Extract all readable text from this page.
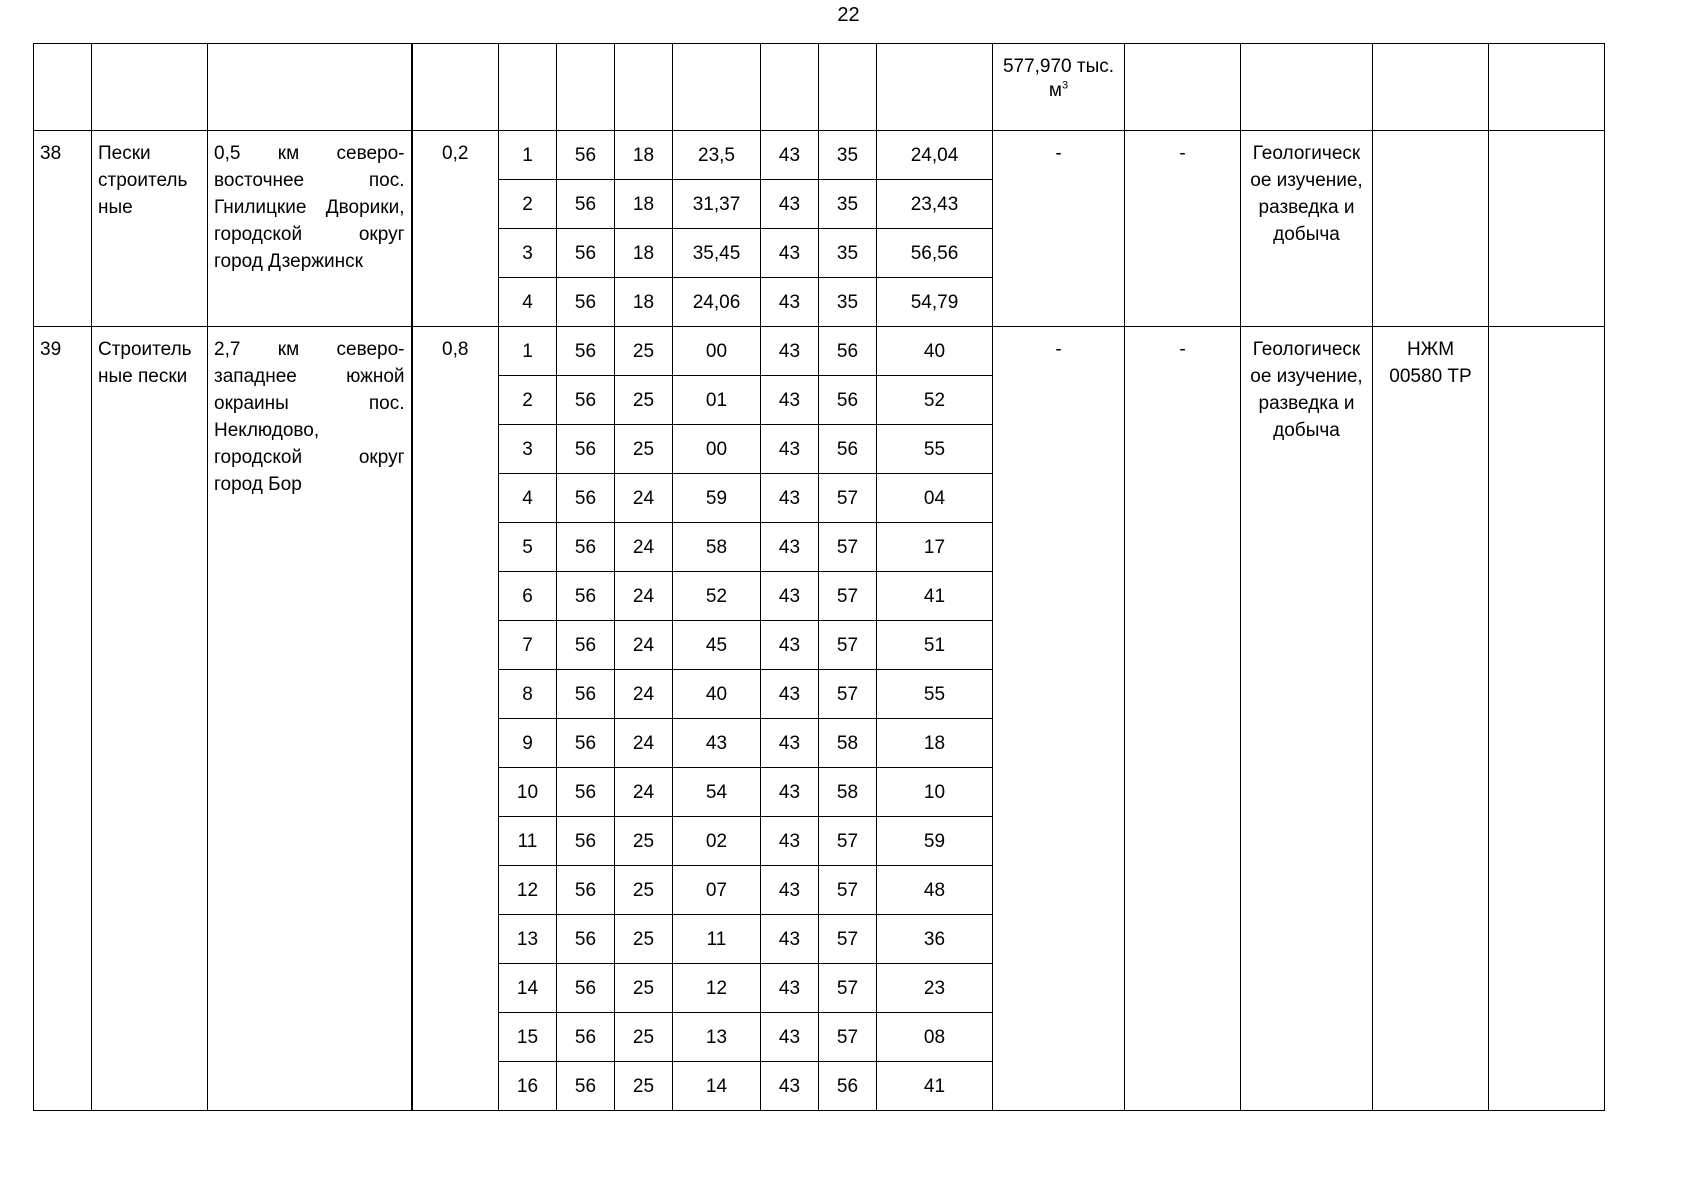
22

											577,970 тыс.
$м^3$				
38	Пески строитель ные	0,5 км северо-восточнее пос. Гнилицкие Дворики, городской округ город Дзержинск	0,2	1	56	18	23,5	43	35	24,04	-	-	Геологическ ое изучение, разведка и добыча		
				2	56	18	31,37	43	35	23,43					
				3	56	18	35,45	43	35	56,56					
				4	56	18	24,06	43	35	54,79					
39	Строитель ные пески	2,7 км северо-западнее южной окраины пос. Неклюдово, городской округ город Бор	0,8	1	56	25	00	43	56	40	-	-	Геологическ ое изучение, разведка и добыча	НЖМ 00580 ТР	
				2	56	25	01	43	56	52					
				3	56	25	00	43	56	55					
				4	56	24	59	43	57	04					
				5	56	24	58	43	57	17					
				6	56	24	52	43	57	41					
				7	56	24	45	43	57	51					
				8	56	24	40	43	57	55					
				9	56	24	43	43	58	18					
				10	56	24	54	43	58	10					
				11	56	25	02	43	57	59					
				12	56	25	07	43	57	48					
				13	56	25	11	43	57	36					
				14	56	25	12	43	57	23					
				15	56	25	13	43	57	08					
				16	56	25	14	43	56	41					
